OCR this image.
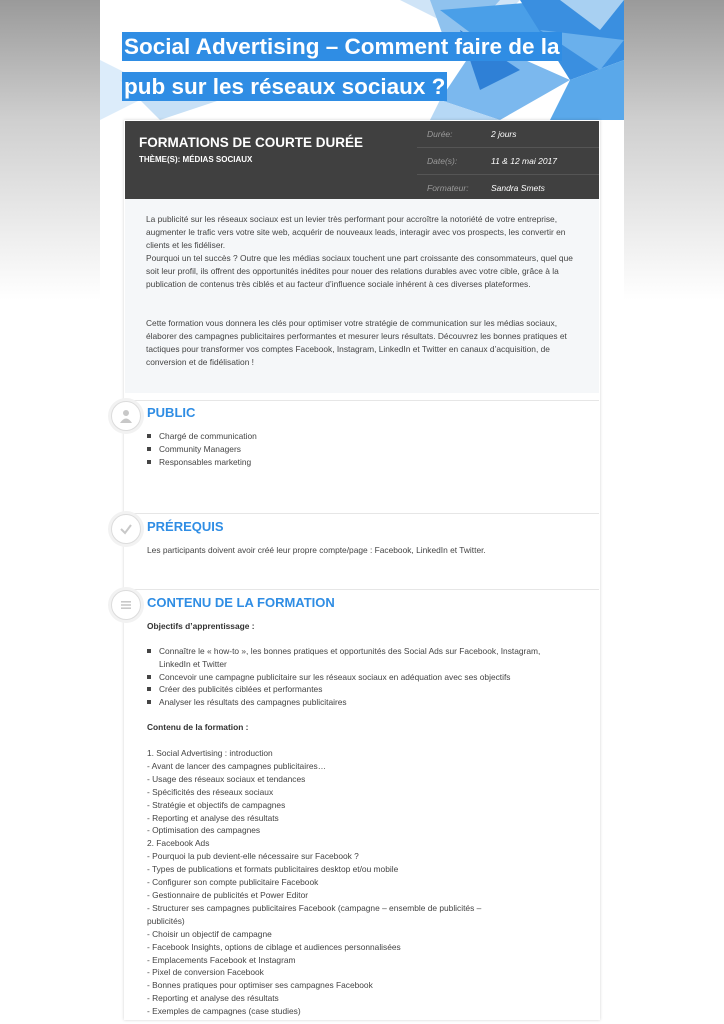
Social Advertising – Comment faire de la pub sur les réseaux sociaux ?
FORMATIONS DE COURTE DURÉE
THÈME(S): MÉDIAS SOCIAUX
Durée:	2 jours
Date(s):	11 & 12 mai 2017
Formateur:	Sandra Smets

La publicité sur les réseaux sociaux est un levier très performant pour accroître la notoriété de votre entreprise, augmenter le trafic vers votre site web, acquérir de nouveaux leads, interagir avec vos prospects, les convertir en clients et les fidéliser.

Pourquoi un tel succès ? Outre que les médias sociaux touchent une part croissante des consommateurs, quel que soit leur profil, ils offrent des opportunités inédites pour nouer des relations durables avec votre cible, grâce à la publication de contenus très ciblés et au facteur d’influence sociale inhérent à ces diverses plateformes.

Cette formation vous donnera les clés pour optimiser votre stratégie de communication sur les médias sociaux, élaborer des campagnes publicitaires performantes et mesurer leurs résultats. Découvrez les bonnes pratiques et tactiques pour transformer vos comptes Facebook, Instagram, LinkedIn et Twitter en canaux d’acquisition, de conversion et de fidélisation !

PUBLIC
Chargé de communication
Community Managers
Responsables marketing
PRÉREQUIS
Les participants doivent avoir créé leur propre compte/page : Facebook, LinkedIn et Twitter.
CONTENU DE LA FORMATION
Objectifs d’apprentissage :
Connaître le « how-to », les bonnes pratiques et opportunités des Social Ads sur Facebook, Instagram, LinkedIn et Twitter
Concevoir une campagne publicitaire sur les réseaux sociaux en adéquation avec ses objectifs
Créer des publicités ciblées et performantes
Analyser les résultats des campagnes publicitaires
Contenu de la formation :
1. Social Advertising : introduction
- Avant de lancer des campagnes publicitaires…
- Usage des réseaux sociaux et tendances
- Spécificités des réseaux sociaux
- Stratégie et objectifs de campagnes
- Reporting et analyse des résultats
- Optimisation des campagnes
2. Facebook Ads
- Pourquoi la pub devient-elle nécessaire sur Facebook ?
- Types de publications et formats publicitaires desktop et/ou mobile
- Configurer son compte publicitaire Facebook
- Gestionnaire de publicités et Power Editor
- Structurer ses campagnes publicitaires Facebook (campagne – ensemble de publicités – publicités)
- Choisir un objectif de campagne
- Facebook Insights, options de ciblage et audiences personnalisées
- Emplacements Facebook et Instagram
- Pixel de conversion Facebook
- Bonnes pratiques pour optimiser ses campagnes Facebook
- Reporting et analyse des résultats
- Exemples de campagnes (case studies)
